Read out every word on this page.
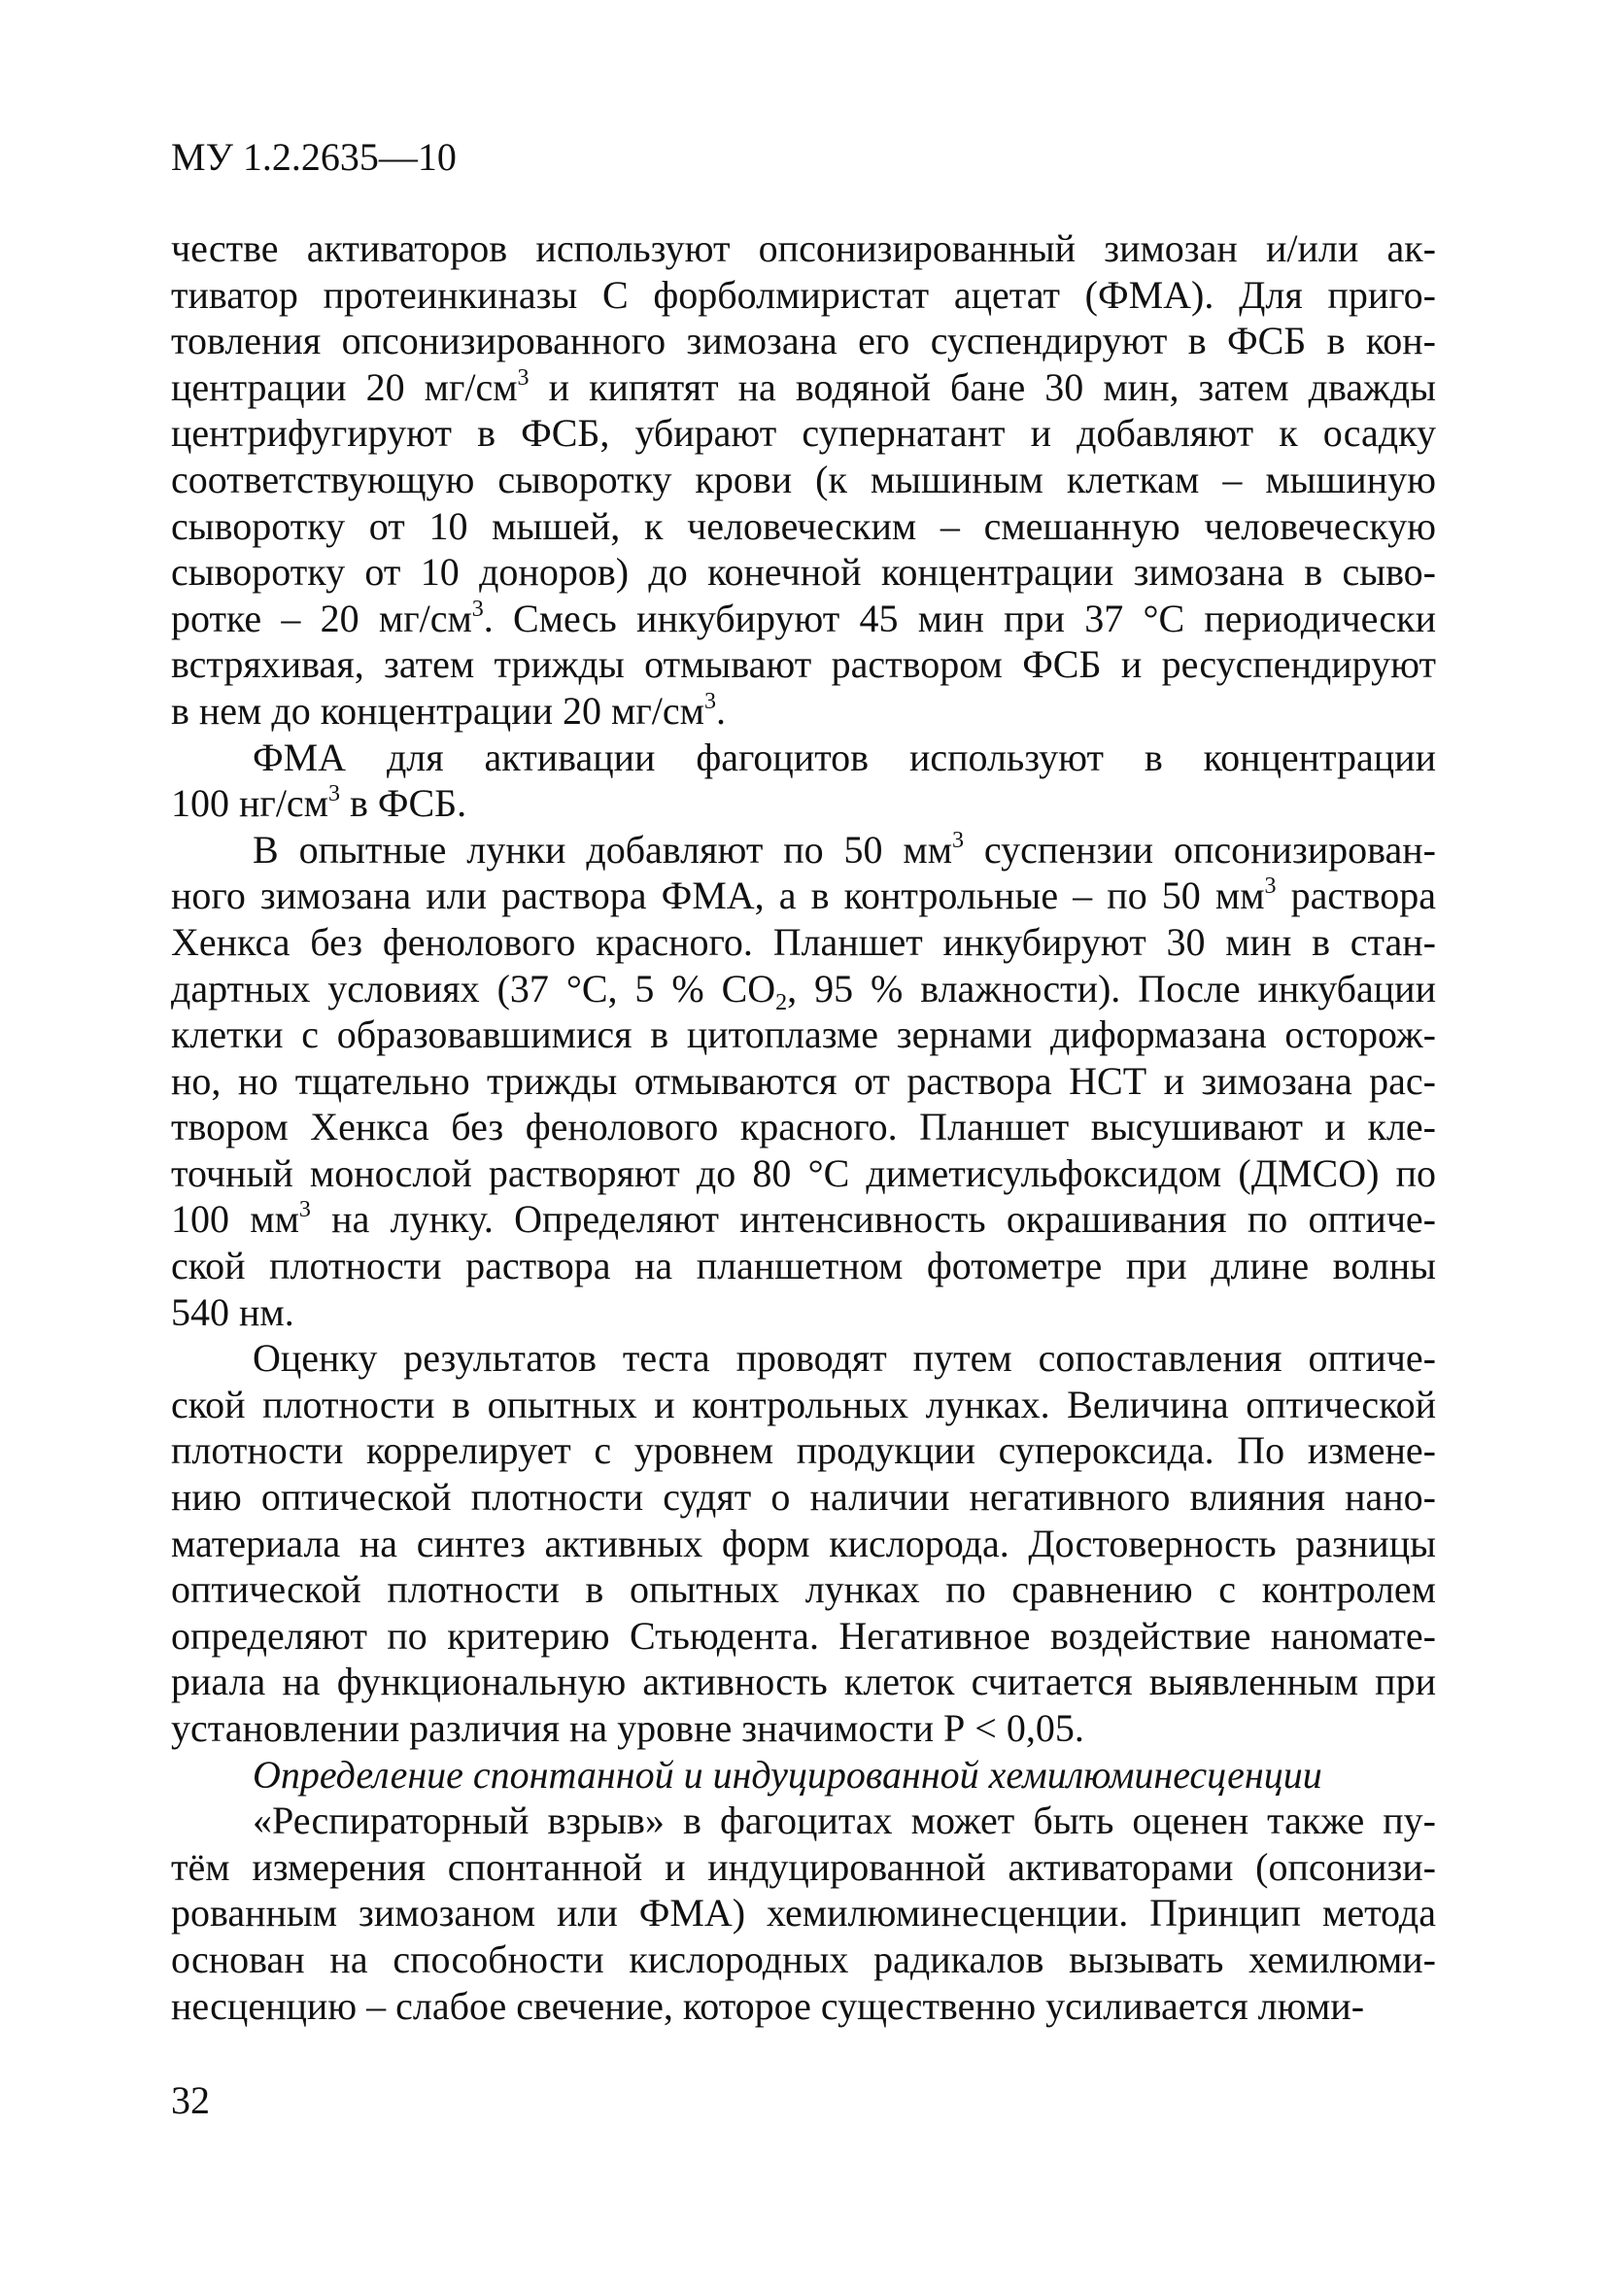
МУ 1.2.2635—10
честве активаторов используют опсонизированный зимозан и/или ак-
тиватор протеинкиназы С форболмиристат ацетат (ФМА). Для приго-
товления опсонизированного зимозана его суспендируют в ФСБ в кон-
центрации 20 $мг/см^3$ и кипятят на водяной бане 30 мин, затем дважды
центрифугируют в ФСБ, убирают супернатант и добавляют к осадку
соответствующую сыворотку крови (к мышиным клеткам – мышиную
сыворотку от 10 мышей, к человеческим – смешанную человеческую
сыворотку от 10 доноров) до конечной концентрации зимозана в сыво-
ротке – 20 $мг/см^3$. Смесь инкубируют 45 мин при 37 °С периодически
встряхивая, затем трижды отмывают раствором ФСБ и ресуспендируют
в нем до концентрации 20 $мг/см^3$.
ФМА для активации фагоцитов используют в концентрации
100 $нг/см^3$ в ФСБ.
В опытные лунки добавляют по 50 $мм^3$ суспензии опсонизирован-
ного зимозана или раствора ФМА, а в контрольные – по 50 $мм^3$ раствора
Хенкса без фенолового красного. Планшет инкубируют 30 мин в стан-
дартных условиях (37 °С, 5 % $СО_2$, 95 % влажности). После инкубации
клетки с образовавшимися в цитоплазме зернами диформазана осторож-
но, но тщательно трижды отмываются от раствора НСТ и зимозана рас-
твором Хенкса без фенолового красного. Планшет высушивают и кле-
точный монослой растворяют до 80 °С диметисульфоксидом (ДМСО) по
100 $мм^3$ на лунку. Определяют интенсивность окрашивания по оптиче-
ской плотности раствора на планшетном фотометре при длине волны
540 нм.
Оценку результатов теста проводят путем сопоставления оптиче-
ской плотности в опытных и контрольных лунках. Величина оптической
плотности коррелирует с уровнем продукции супероксида. По измене-
нию оптической плотности судят о наличии негативного влияния нано-
материала на синтез активных форм кислорода. Достоверность разницы
оптической плотности в опытных лунках по сравнению с контролем
определяют по критерию Стьюдента. Негативное воздействие наномате-
риала на функциональную активность клеток считается выявленным при
установлении различия на уровне значимости Р < 0,05.
Определение спонтанной и индуцированной хемилюминесценции
«Респираторный взрыв» в фагоцитах может быть оценен также пу-
тём измерения спонтанной и индуцированной активаторами (опсонизи-
рованным зимозаном или ФМА) хемилюминесценции. Принцип метода
основан на способности кислородных радикалов вызывать хемилюми-
несценцию – слабое свечение, которое существенно усиливается люми-
32
